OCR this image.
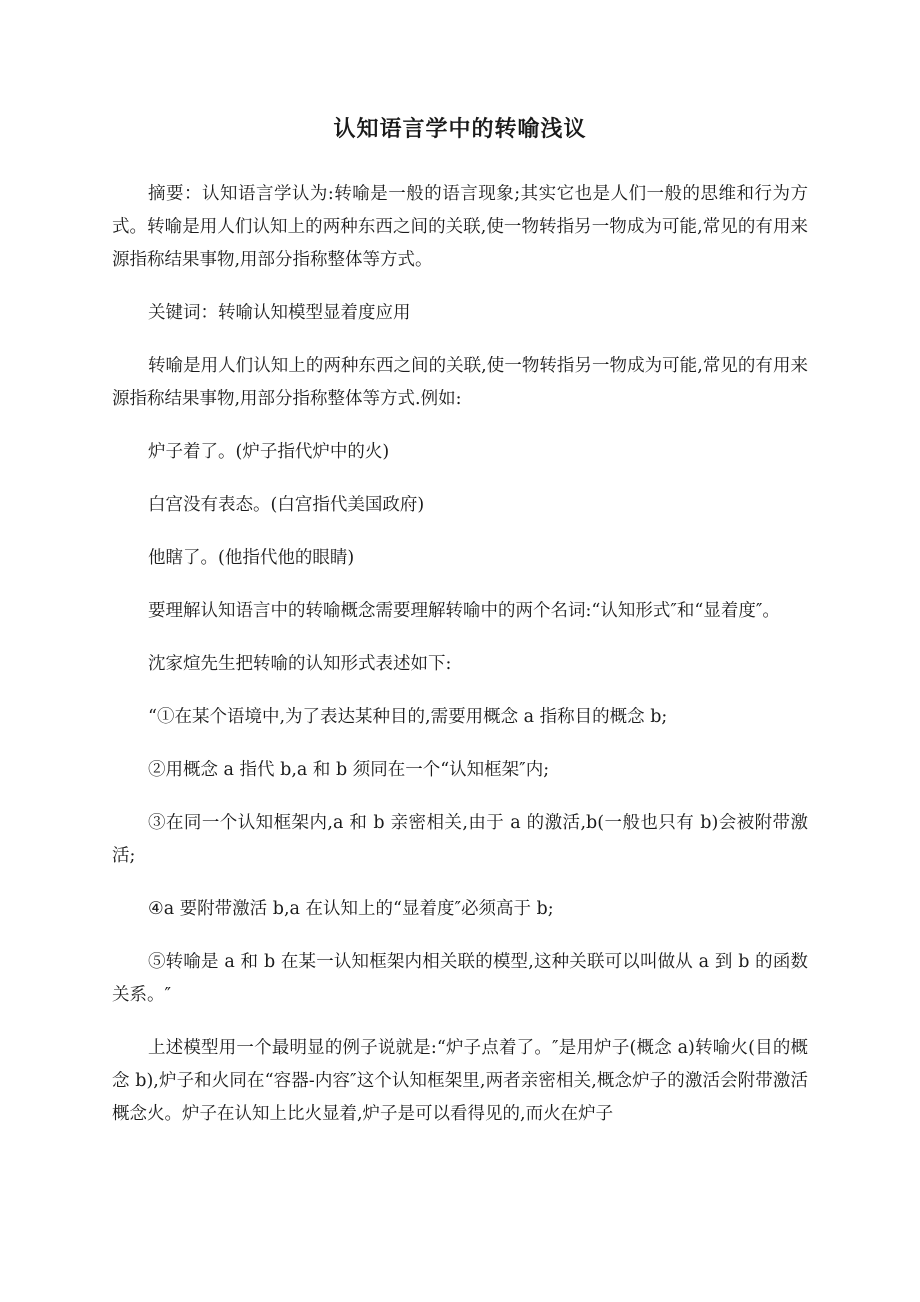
认知语言学中的转喻浅议

摘要：认知语言学认为:转喻是一般的语言现象;其实它也是人们一般的思维和行为方式。转喻是用人们认知上的两种东西之间的关联,使一物转指另一物成为可能,常见的有用来源指称结果事物,用部分指称整体等方式。

关键词：转喻认知模型显着度应用

转喻是用人们认知上的两种东西之间的关联,使一物转指另一物成为可能,常见的有用来源指称结果事物,用部分指称整体等方式.例如:

炉子着了。(炉子指代炉中的火)

白宫没有表态。(白宫指代美国政府)

他瞎了。(他指代他的眼睛)

要理解认知语言中的转喻概念需要理解转喻中的两个名词:“认知形式″和“显着度″。

沈家煊先生把转喻的认知形式表述如下:

“①在某个语境中,为了表达某种目的,需要用概念 a 指称目的概念 b;

②用概念 a 指代 b,a 和 b 须同在一个“认知框架″内;

③在同一个认知框架内,a 和 b 亲密相关,由于 a 的激活,b(一般也只有 b)会被附带激活;

④a 要附带激活 b,a 在认知上的“显着度″必须高于 b;

⑤转喻是 a 和 b 在某一认知框架内相关联的模型,这种关联可以叫做从 a 到 b 的函数关系。″

上述模型用一个最明显的例子说就是:“炉子点着了。″是用炉子(概念 a)转喻火(目的概念 b),炉子和火同在“容器-内容″这个认知框架里,两者亲密相关,概念炉子的激活会附带激活概念火。炉子在认知上比火显着,炉子是可以看得见的,而火在炉子
